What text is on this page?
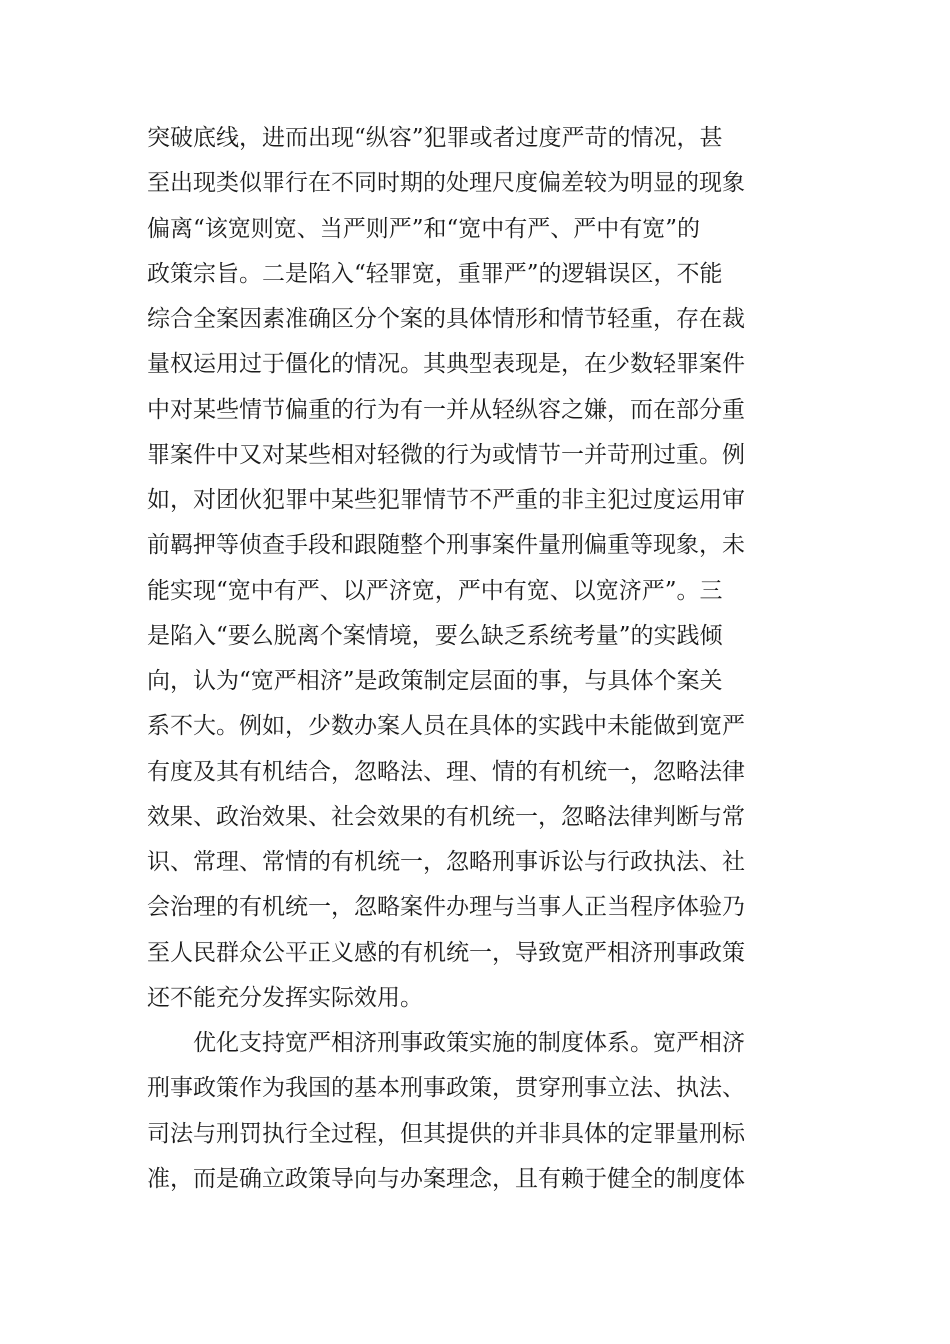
突破底线，进而出现“纵容”犯罪或者过度严苛的情况，甚
至出现类似罪行在不同时期的处理尺度偏差较为明显的现象
偏离“该宽则宽、当严则严”和“宽中有严、严中有宽”的
政策宗旨。二是陷入“轻罪宽，重罪严”的逻辑误区，不能
综合全案因素准确区分个案的具体情形和情节轻重，存在裁
量权运用过于僵化的情况。其典型表现是，在少数轻罪案件
中对某些情节偏重的行为有一并从轻纵容之嫌，而在部分重
罪案件中又对某些相对轻微的行为或情节一并苛刑过重。例
如，对团伙犯罪中某些犯罪情节不严重的非主犯过度运用审
前羁押等侦查手段和跟随整个刑事案件量刑偏重等现象，未
能实现“宽中有严、以严济宽，严中有宽、以宽济严”。三
是陷入“要么脱离个案情境，要么缺乏系统考量”的实践倾
向，认为“宽严相济”是政策制定层面的事，与具体个案关
系不大。例如，少数办案人员在具体的实践中未能做到宽严
有度及其有机结合，忽略法、理、情的有机统一，忽略法律
效果、政治效果、社会效果的有机统一，忽略法律判断与常
识、常理、常情的有机统一，忽略刑事诉讼与行政执法、社
会治理的有机统一，忽略案件办理与当事人正当程序体验乃
至人民群众公平正义感的有机统一，导致宽严相济刑事政策
还不能充分发挥实际效用。
优化支持宽严相济刑事政策实施的制度体系。宽严相济
刑事政策作为我国的基本刑事政策，贯穿刑事立法、执法、
司法与刑罚执行全过程，但其提供的并非具体的定罪量刑标
准，而是确立政策导向与办案理念，且有赖于健全的制度体
